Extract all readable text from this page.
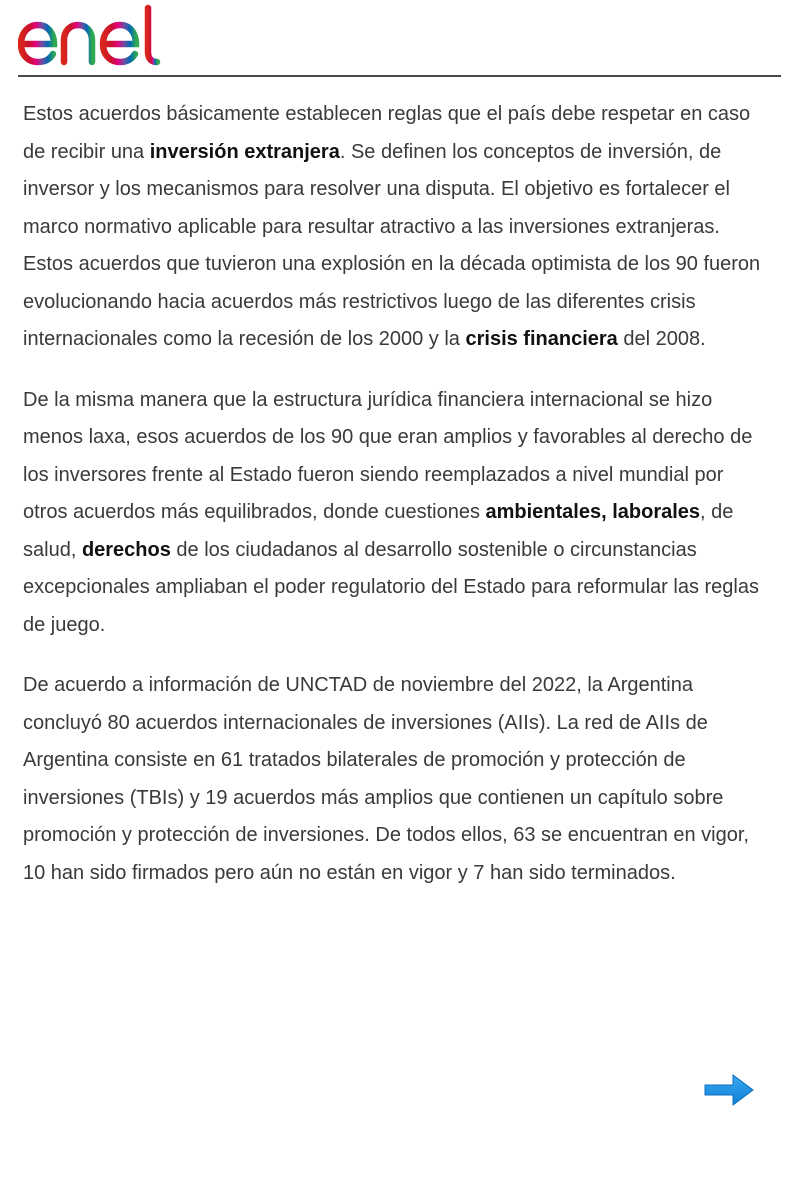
Estos acuerdos básicamente establecen reglas que el país debe respetar en caso de recibir una inversión extranjera. Se definen los conceptos de inversión, de inversor y los mecanismos para resolver una disputa. El objetivo es fortalecer el marco normativo aplicable para resultar atractivo a las inversiones extranjeras. Estos acuerdos que tuvieron una explosión en la década optimista de los 90 fueron evolucionando hacia acuerdos más restrictivos luego de las diferentes crisis internacionales como la recesión de los 2000 y la crisis financiera del 2008.

De la misma manera que la estructura jurídica financiera internacional se hizo menos laxa, esos acuerdos de los 90 que eran amplios y favorables al derecho de los inversores frente al Estado fueron siendo reemplazados a nivel mundial por otros acuerdos más equilibrados, donde cuestiones ambientales, laborales, de salud, derechos de los ciudadanos al desarrollo sostenible o circunstancias excepcionales ampliaban el poder regulatorio del Estado para reformular las reglas de juego.

De acuerdo a información de UNCTAD de noviembre del 2022, la Argentina concluyó 80 acuerdos internacionales de inversiones (AIIs). La red de AIIs de Argentina consiste en 61 tratados bilaterales de promoción y protección de inversiones (TBIs) y 19 acuerdos más amplios que contienen un capítulo sobre promoción y protección de inversiones. De todos ellos, 63 se encuentran en vigor, 10 han sido firmados pero aún no están en vigor y 7 han sido terminados.
